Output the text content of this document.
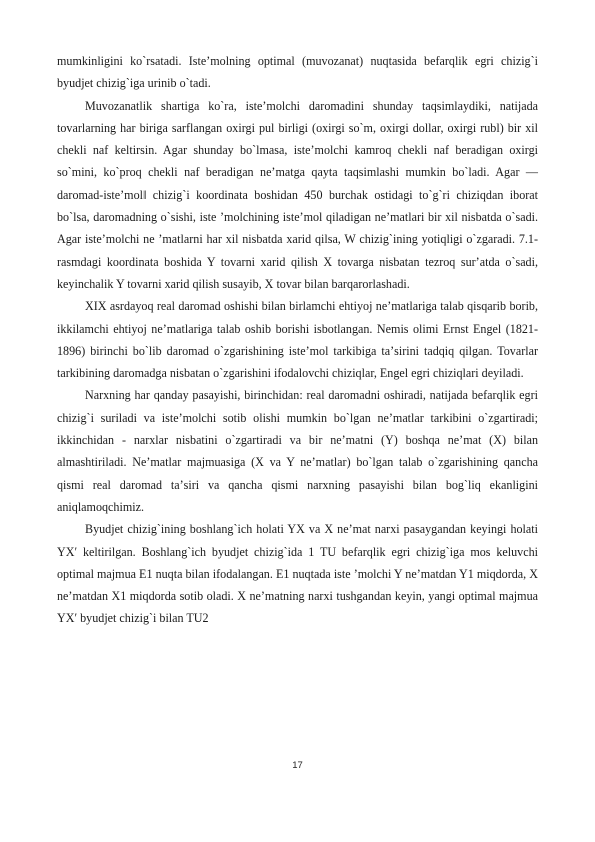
mumkinligini ko`rsatadi. Isteʼmolning optimal (muvozanat) nuqtasida befarqlik egri chizig`i byudjet chizig`iga urinib o`tadi.

Muvozanatlik shartiga ko`ra, isteʼmolchi daromadini shunday taqsimlaydiki, natijada tovarlarning har biriga sarflangan oxirgi pul birligi (oxirgi so`m, oxirgi dollar, oxirgi rubl) bir xil chekli naf keltirsin. Agar shunday bo`lmasa, isteʼmolchi kamroq chekli naf beradigan oxirgi so`mini, ko`proq chekli naf beradigan neʼmatga qayta taqsimlashi mumkin bo`ladi. Agar —daromad-isteʼmol‖ chizig`i koordinata boshidan 450 burchak ostidagi to`g`ri chiziqdan iborat bo`lsa, daromadning o`sishi, iste ʼmolchining isteʼmol qiladigan neʼmatlari bir xil nisbatda o`sadi. Agar isteʼmolchi ne ʼmatlarni har xil nisbatda xarid qilsa, W chizig`ining yotiqligi o`zgaradi. 7.1-rasmdagi koordinata boshida Y tovarni xarid qilish X tovarga nisbatan tezroq surʼatda o`sadi, keyinchalik Y tovarni xarid qilish susayib, X tovar bilan barqarorlashadi.

XIX asrdayoq real daromad oshishi bilan birlamchi ehtiyoj neʼmatlariga talab qisqarib borib, ikkilamchi ehtiyoj neʼmatlariga talab oshib borishi isbotlangan. Nemis olimi Ernst Engel (1821-1896) birinchi bo`lib daromad o`zgarishining isteʼmol tarkibiga taʼsirini tadqiq qilgan. Tovarlar tarkibining daromadga nisbatan o`zgarishini ifodalovchi chiziqlar, Engel egri chiziqlari deyiladi.

Narxning har qanday pasayishi, birinchidan: real daromadni oshiradi, natijada befarqlik egri chizig`i suriladi va isteʼmolchi sotib olishi mumkin bo`lgan neʼmatlar tarkibini o`zgartiradi; ikkinchidan - narxlar nisbatini o`zgartiradi va bir neʼmatni (Y) boshqa neʼmat (X) bilan almashtiriladi. Neʼmatlar majmuasiga (X va Y neʼmatlar) bo`lgan talab o`zgarishining qancha qismi real daromad taʼsiri va qancha qismi narxning pasayishi bilan bog`liq ekanligini aniqlamoqchimiz.

Byudjet chizig`ining boshlang`ich holati YX va X neʼmat narxi pasaygandan keyingi holati YXʹ keltirilgan. Boshlang`ich byudjet chizig`ida 1 TU befarqlik egri chizig`iga mos keluvchi optimal majmua E1 nuqta bilan ifodalangan. E1 nuqtada iste ʼmolchi Y neʼmatdan Y1 miqdorda, X neʼmatdan X1 miqdorda sotib oladi. X neʼmatning narxi tushgandan keyin, yangi optimal majmua YXʹ byudjet chizig`i bilan TU2

17
